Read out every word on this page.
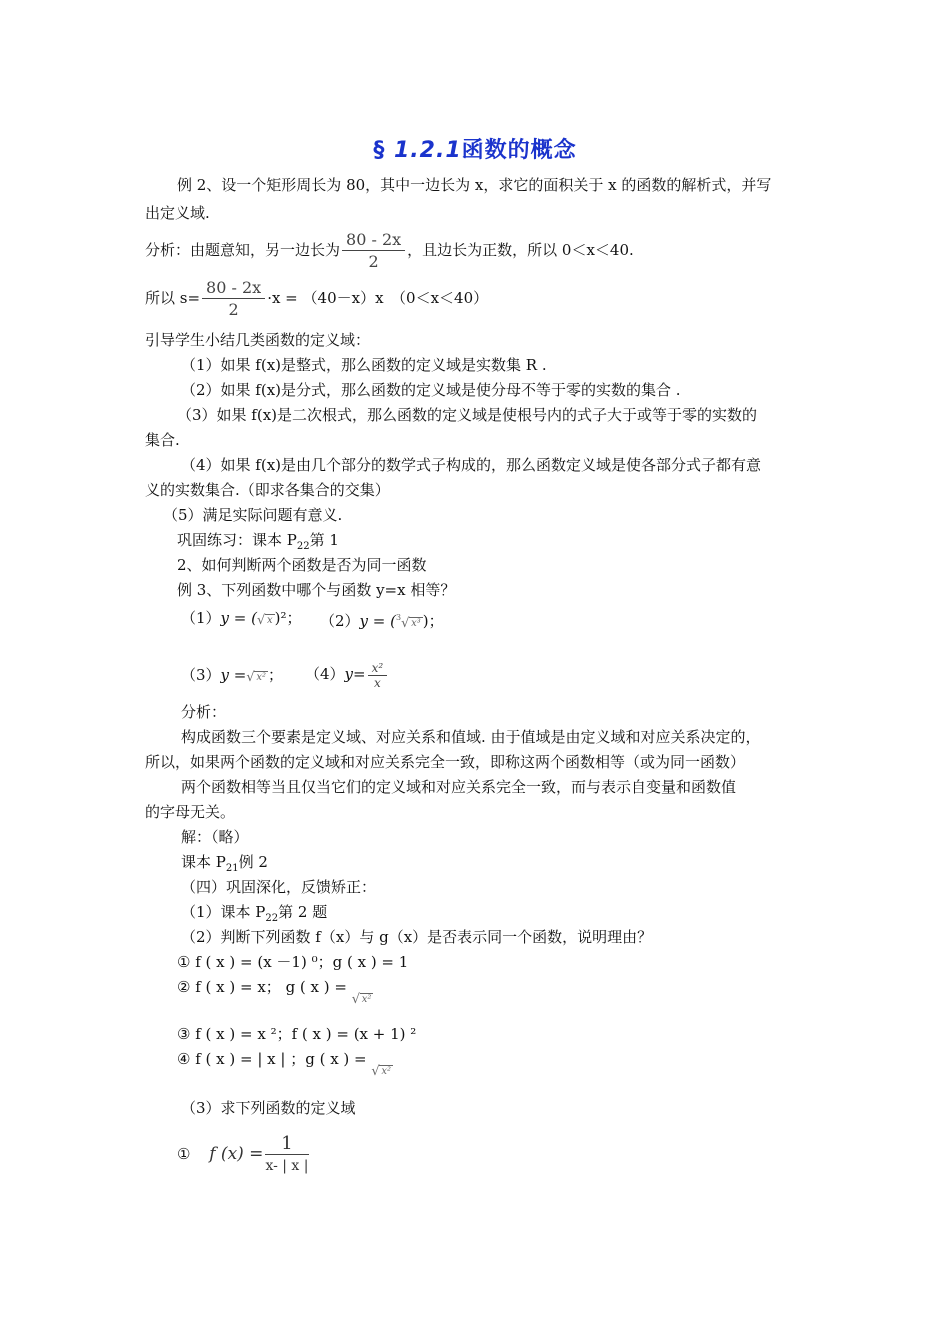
§ 1.2.1函数的概念
例 2、设一个矩形周长为 80，其中一边长为 x，求它的面积关于 x 的函数的解析式，并写
出定义域.
分析：由题意知，另一边长为 $\frac{80 - 2x}{2}$ ，且边长为正数，所以 0＜x＜40.
所以 $s= \frac{80 - 2x}{2} \cdot x = (40-x)x$　（0＜x＜40）
引导学生小结几类函数的定义域：
（1）如果 f(x)是整式，那么函数的定义域是实数集 R .
（2）如果 f(x)是分式，那么函数的定义域是使分母不等于零的实数的集合 .
（3）如果 f(x)是二次根式，那么函数的定义域是使根号内的式子大于或等于零的实数的
集合.
（4）如果 f(x)是由几个部分的数学式子构成的，那么函数定义域是使各部分式子都有意
义的实数集合.（即求各集合的交集）
（5）满足实际问题有意义.
巩固练习：课本 $P_{22}$第 1
2、如何判断两个函数是否为同一函数
例 3、下列函数中哪个与函数 y=x 相等？
（1）y = ( √ x )²； （2）y = ($^3$√ x³ )；
（3）y = √ x² ； $(4)y= \frac{\text{x²}}{x}$
分析：
构成函数三个要素是定义域、对应关系和值域. 由于值域是由定义域和对应关系决定的，
所以，如果两个函数的定义域和对应关系完全一致，即称这两个函数相等（或为同一函数）
两个函数相等当且仅当它们的定义域和对应关系完全一致，而与表示自变量和函数值
的字母无关。
解：（略）
课本 $P_{21}$例 2
（四）巩固深化，反馈矫正：
（1）课本 $P_{22}$第 2 题
（2）判断下列函数 f（x）与 g（x）是否表示同一个函数，说明理由？
① f ( x ) = (x －1) ⁰；g ( x ) = 1
② f ( x ) = x； g ( x ) = √ x²
③ f ( x ) = x ²；f ( x ) = (x + 1) ²
④ f ( x ) = | x | ；g ( x ) = √ x²
（3）求下列函数的定义域
① f $(x) = \frac{1}{x- | x |}$
